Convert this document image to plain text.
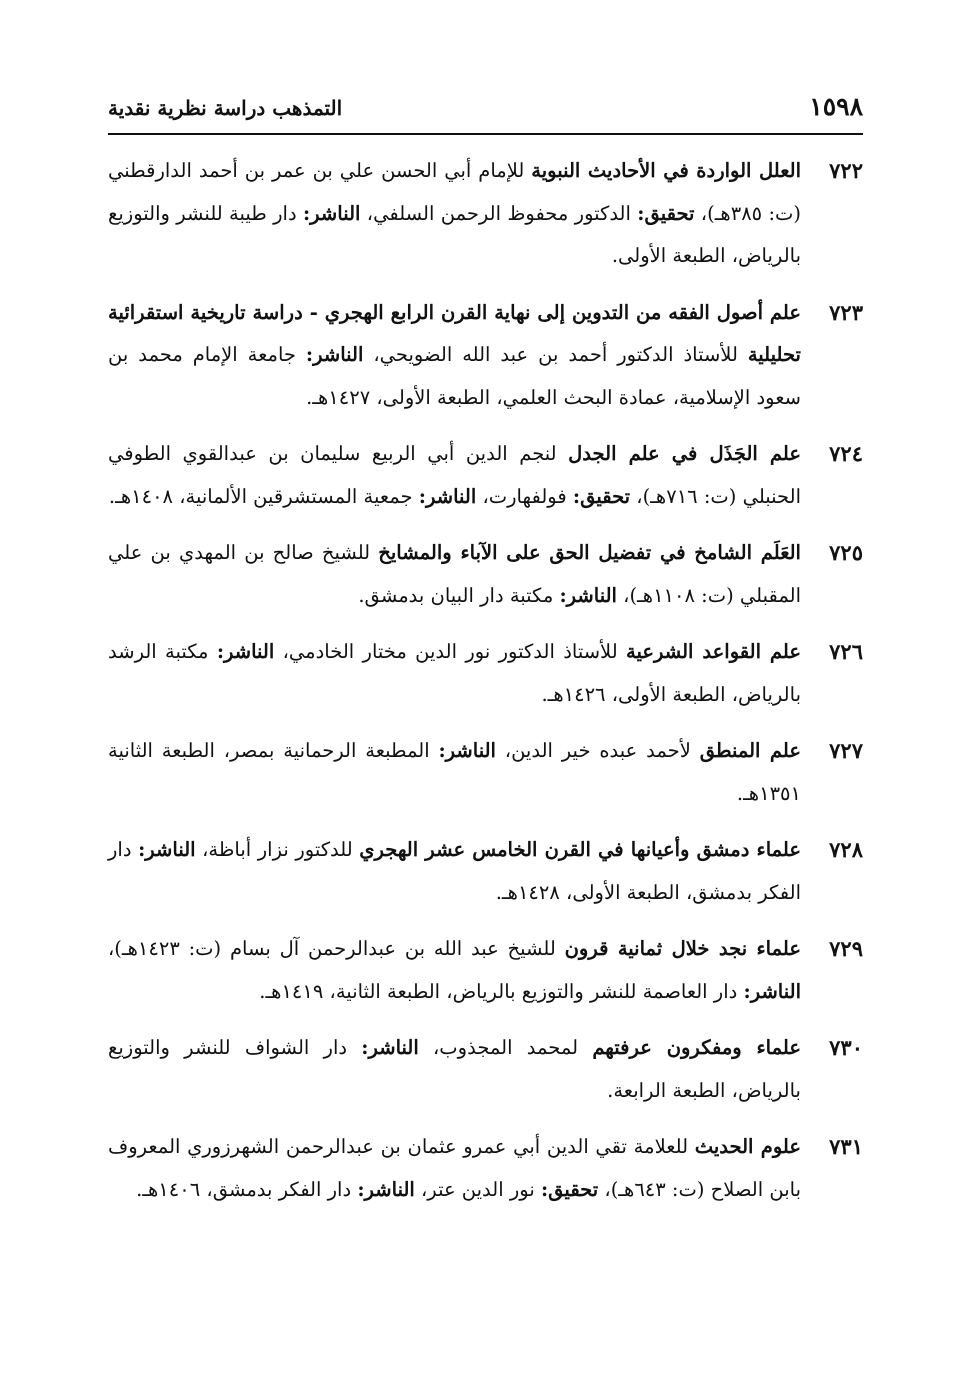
١٥٩٨
التمذهب دراسة نظرية نقدية
٧٢٢
العلل الواردة في الأحاديث النبوية للإمام أبي الحسن علي بن عمر بن أحمد الدارقطني (ت: ٣٨٥هـ)، تحقيق: الدكتور محفوظ الرحمن السلفي، الناشر: دار طيبة للنشر والتوزيع بالرياض، الطبعة الأولى.
٧٢٣
علم أصول الفقه من التدوين إلى نهاية القرن الرابع الهجري - دراسة تاريخية استقرائية تحليلية للأستاذ الدكتور أحمد بن عبد الله الضويحي، الناشر: جامعة الإمام محمد بن سعود الإسلامية، عمادة البحث العلمي، الطبعة الأولى، ١٤٢٧هـ.
٧٢٤
علم الجَذَل في علم الجدل لنجم الدين أبي الربيع سليمان بن عبدالقوي الطوفي الحنبلي (ت: ٧١٦هـ)، تحقيق: فولفهارت، الناشر: جمعية المستشرقين الألمانية، ١٤٠٨هـ.
٧٢٥
العَلَم الشامخ في تفضيل الحق على الآباء والمشايخ للشيخ صالح بن المهدي بن علي المقبلي (ت: ١١٠٨هـ)، الناشر: مكتبة دار البيان بدمشق.
٧٢٦
علم القواعد الشرعية للأستاذ الدكتور نور الدين مختار الخادمي، الناشر: مكتبة الرشد بالرياض، الطبعة الأولى، ١٤٢٦هـ.
٧٢٧
علم المنطق لأحمد عبده خير الدين، الناشر: المطبعة الرحمانية بمصر، الطبعة الثانية ١٣٥١هـ.
٧٢٨
علماء دمشق وأعيانها في القرن الخامس عشر الهجري للدكتور نزار أباظة، الناشر: دار الفكر بدمشق، الطبعة الأولى، ١٤٢٨هـ.
٧٢٩
علماء نجد خلال ثمانية قرون للشيخ عبد الله بن عبدالرحمن آل بسام (ت: ١٤٢٣هـ)، الناشر: دار العاصمة للنشر والتوزيع بالرياض، الطبعة الثانية، ١٤١٩هـ.
٧٣٠
علماء ومفكرون عرفتهم لمحمد المجذوب، الناشر: دار الشواف للنشر والتوزيع بالرياض، الطبعة الرابعة.
٧٣١
علوم الحديث للعلامة تقي الدين أبي عمرو عثمان بن عبدالرحمن الشهرزوري المعروف بابن الصلاح (ت: ٦٤٣هـ)، تحقيق: نور الدين عتر، الناشر: دار الفكر بدمشق، ١٤٠٦هـ.
